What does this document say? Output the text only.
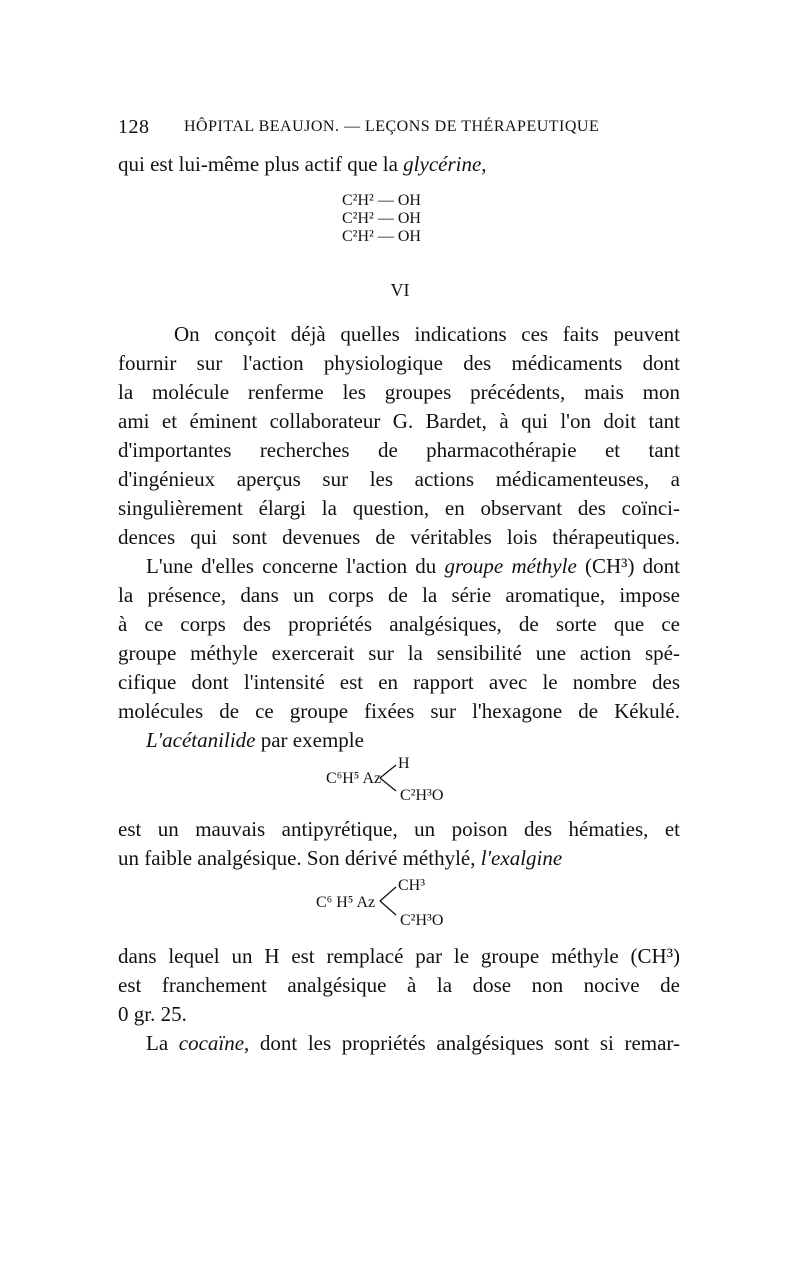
128 HÔPITAL BEAUJON. — LEÇONS DE THÉRAPEUTIQUE
qui est lui-même plus actif que la glycérine,
C²H² — OH
C²H² — OH
C²H² — OH
VI
On conçoit déjà quelles indications ces faits peuvent
fournir sur l'action physiologique des médicaments dont
la molécule renferme les groupes précédents, mais mon
ami et éminent collaborateur G. Bardet, à qui l'on doit tant
d'importantes recherches de pharmacothérapie et tant
d'ingénieux aperçus sur les actions médicamenteuses, a
singulièrement élargi la question, en observant des coïnci-
dences qui sont devenues de véritables lois thérapeutiques.
L'une d'elles concerne l'action du groupe méthyle (CH³) dont
la présence, dans un corps de la série aromatique, impose
à ce corps des propriétés analgésiques, de sorte que ce
groupe méthyle exercerait sur la sensibilité une action spé-
cifique dont l'intensité est en rapport avec le nombre des
molécules de ce groupe fixées sur l'hexagone de Kékulé.
L'acétanilide par exemple
C⁶H⁵ Az
H
C²H³O
est un mauvais antipyrétique, un poison des hématies, et
un faible analgésique. Son dérivé méthylé, l'exalgine
C⁶ H⁵ Az
CH³
C²H³O
dans lequel un H est remplacé par le groupe méthyle (CH³)
est franchement analgésique à la dose non nocive de
0 gr. 25.
La cocaïne, dont les propriétés analgésiques sont si remar-
